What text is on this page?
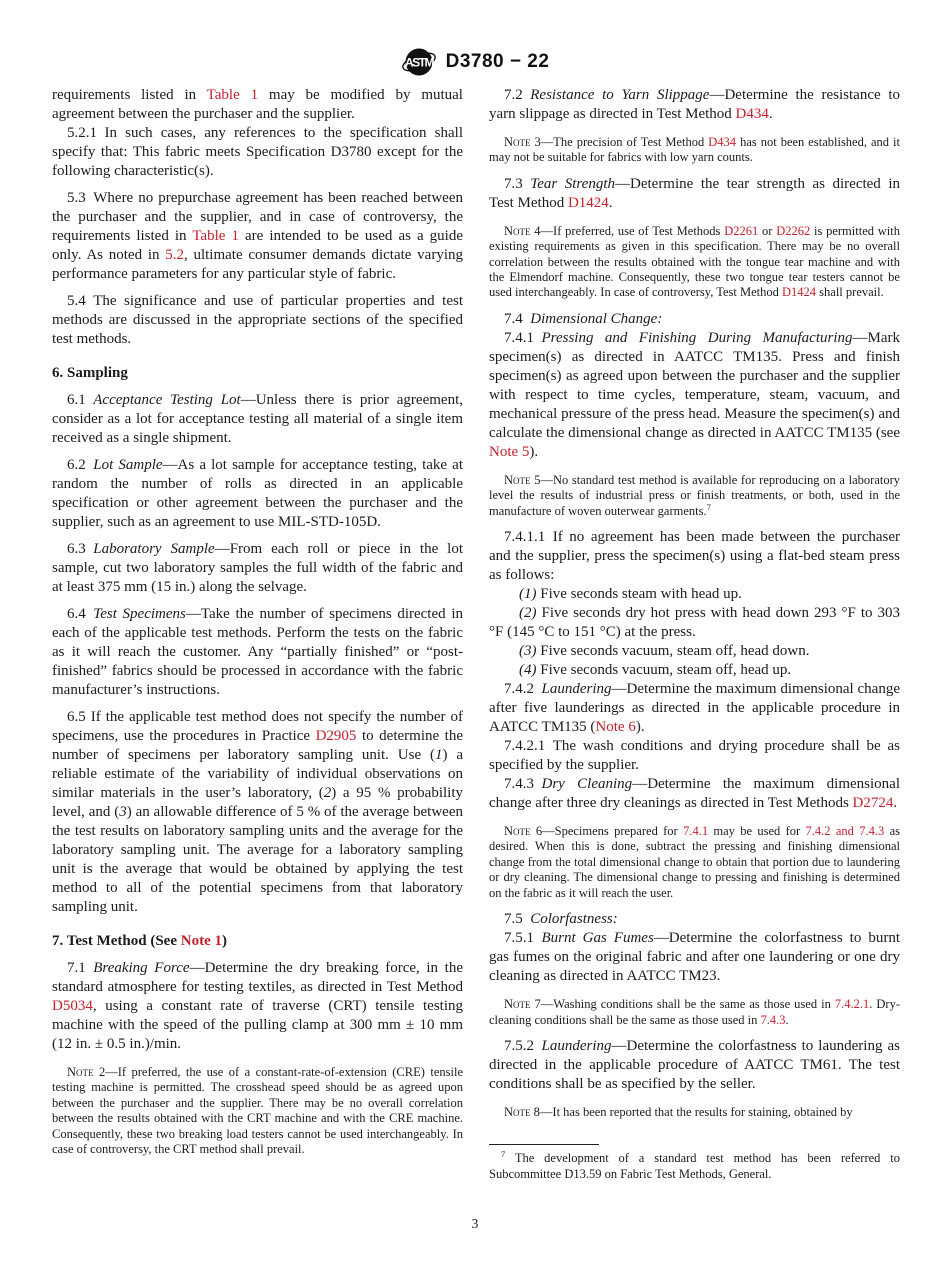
ASTM D3780 − 22

requirements listed in Table 1 may be modified by mutual agreement between the purchaser and the supplier.

5.2.1 In such cases, any references to the specification shall specify that: This fabric meets Specification D3780 except for the following characteristic(s).

5.3 Where no prepurchase agreement has been reached between the purchaser and the supplier, and in case of controversy, the requirements listed in Table 1 are intended to be used as a guide only. As noted in 5.2, ultimate consumer demands dictate varying performance parameters for any particular style of fabric.

5.4 The significance and use of particular properties and test methods are discussed in the appropriate sections of the specified test methods.

6. Sampling

6.1 Acceptance Testing Lot—Unless there is prior agreement, consider as a lot for acceptance testing all material of a single item received as a single shipment.

6.2 Lot Sample—As a lot sample for acceptance testing, take at random the number of rolls as directed in an applicable specification or other agreement between the purchaser and the supplier, such as an agreement to use MIL-STD-105D.

6.3 Laboratory Sample—From each roll or piece in the lot sample, cut two laboratory samples the full width of the fabric and at least 375 mm (15 in.) along the selvage.

6.4 Test Specimens—Take the number of specimens directed in each of the applicable test methods. Perform the tests on the fabric as it will reach the customer. Any “partially finished” or “post-finished” fabrics should be processed in accordance with the fabric manufacturer’s instructions.

6.5 If the applicable test method does not specify the number of specimens, use the procedures in Practice D2905 to determine the number of specimens per laboratory sampling unit. Use (1) a reliable estimate of the variability of individual observations on similar materials in the user’s laboratory, (2) a 95 % probability level, and (3) an allowable difference of 5 % of the average between the test results on laboratory sampling units and the average for the laboratory sampling unit. The average for a laboratory sampling unit is the average that would be obtained by applying the test method to all of the potential specimens from that laboratory sampling unit.

7. Test Method (See Note 1)

7.1 Breaking Force—Determine the dry breaking force, in the standard atmosphere for testing textiles, as directed in Test Method D5034, using a constant rate of traverse (CRT) tensile testing machine with the speed of the pulling clamp at 300 mm ± 10 mm (12 in. ± 0.5 in.)/min.

Note 2—If preferred, the use of a constant-rate-of-extension (CRE) tensile testing machine is permitted. The crosshead speed should be as agreed upon between the purchaser and the supplier. There may be no overall correlation between the results obtained with the CRT machine and with the CRE machine. Consequently, these two breaking load testers cannot be used interchangeably. In case of controversy, the CRT method shall prevail.

7.2 Resistance to Yarn Slippage—Determine the resistance to yarn slippage as directed in Test Method D434.

Note 3—The precision of Test Method D434 has not been established, and it may not be suitable for fabrics with low yarn counts.

7.3 Tear Strength—Determine the tear strength as directed in Test Method D1424.

Note 4—If preferred, use of Test Methods D2261 or D2262 is permitted with existing requirements as given in this specification. There may be no overall correlation between the results obtained with the tongue tear machine and with the Elmendorf machine. Consequently, these two tongue tear testers cannot be used interchangeably. In case of controversy, Test Method D1424 shall prevail.

7.4 Dimensional Change:

7.4.1 Pressing and Finishing During Manufacturing—Mark specimen(s) as directed in AATCC TM135. Press and finish specimen(s) as agreed upon between the purchaser and the supplier with respect to time cycles, temperature, steam, vacuum, and mechanical pressure of the press head. Measure the specimen(s) and calculate the dimensional change as directed in AATCC TM135 (see Note 5).

Note 5—No standard test method is available for reproducing on a laboratory level the results of industrial press or finish treatments, or both, used in the manufacture of woven outerwear garments.$^7$

7.4.1.1 If no agreement has been made between the purchaser and the supplier, press the specimen(s) using a flat-bed steam press as follows:

(1) Five seconds steam with head up.

(2) Five seconds dry hot press with head down 293 °F to 303 °F (145 °C to 151 °C) at the press.

(3) Five seconds vacuum, steam off, head down.

(4) Five seconds vacuum, steam off, head up.

7.4.2 Laundering—Determine the maximum dimensional change after five launderings as directed in the applicable procedure in AATCC TM135 (Note 6).

7.4.2.1 The wash conditions and drying procedure shall be as specified by the supplier.

7.4.3 Dry Cleaning—Determine the maximum dimensional change after three dry cleanings as directed in Test Methods D2724.

Note 6—Specimens prepared for 7.4.1 may be used for 7.4.2 and 7.4.3 as desired. When this is done, subtract the pressing and finishing dimensional change from the total dimensional change to obtain that portion due to laundering or dry cleaning. The dimensional change to pressing and finishing is determined on the fabric as it will reach the user.

7.5 Colorfastness:

7.5.1 Burnt Gas Fumes—Determine the colorfastness to burnt gas fumes on the original fabric and after one laundering or one dry cleaning as directed in AATCC TM23.

Note 7—Washing conditions shall be the same as those used in 7.4.2.1. Dry-cleaning conditions shall be the same as those used in 7.4.3.

7.5.2 Laundering—Determine the colorfastness to laundering as directed in the applicable procedure of AATCC TM61. The test conditions shall be as specified by the seller.

Note 8—It has been reported that the results for staining, obtained by

$^7$ The development of a standard test method has been referred to Subcommittee D13.59 on Fabric Test Methods, General.

3
